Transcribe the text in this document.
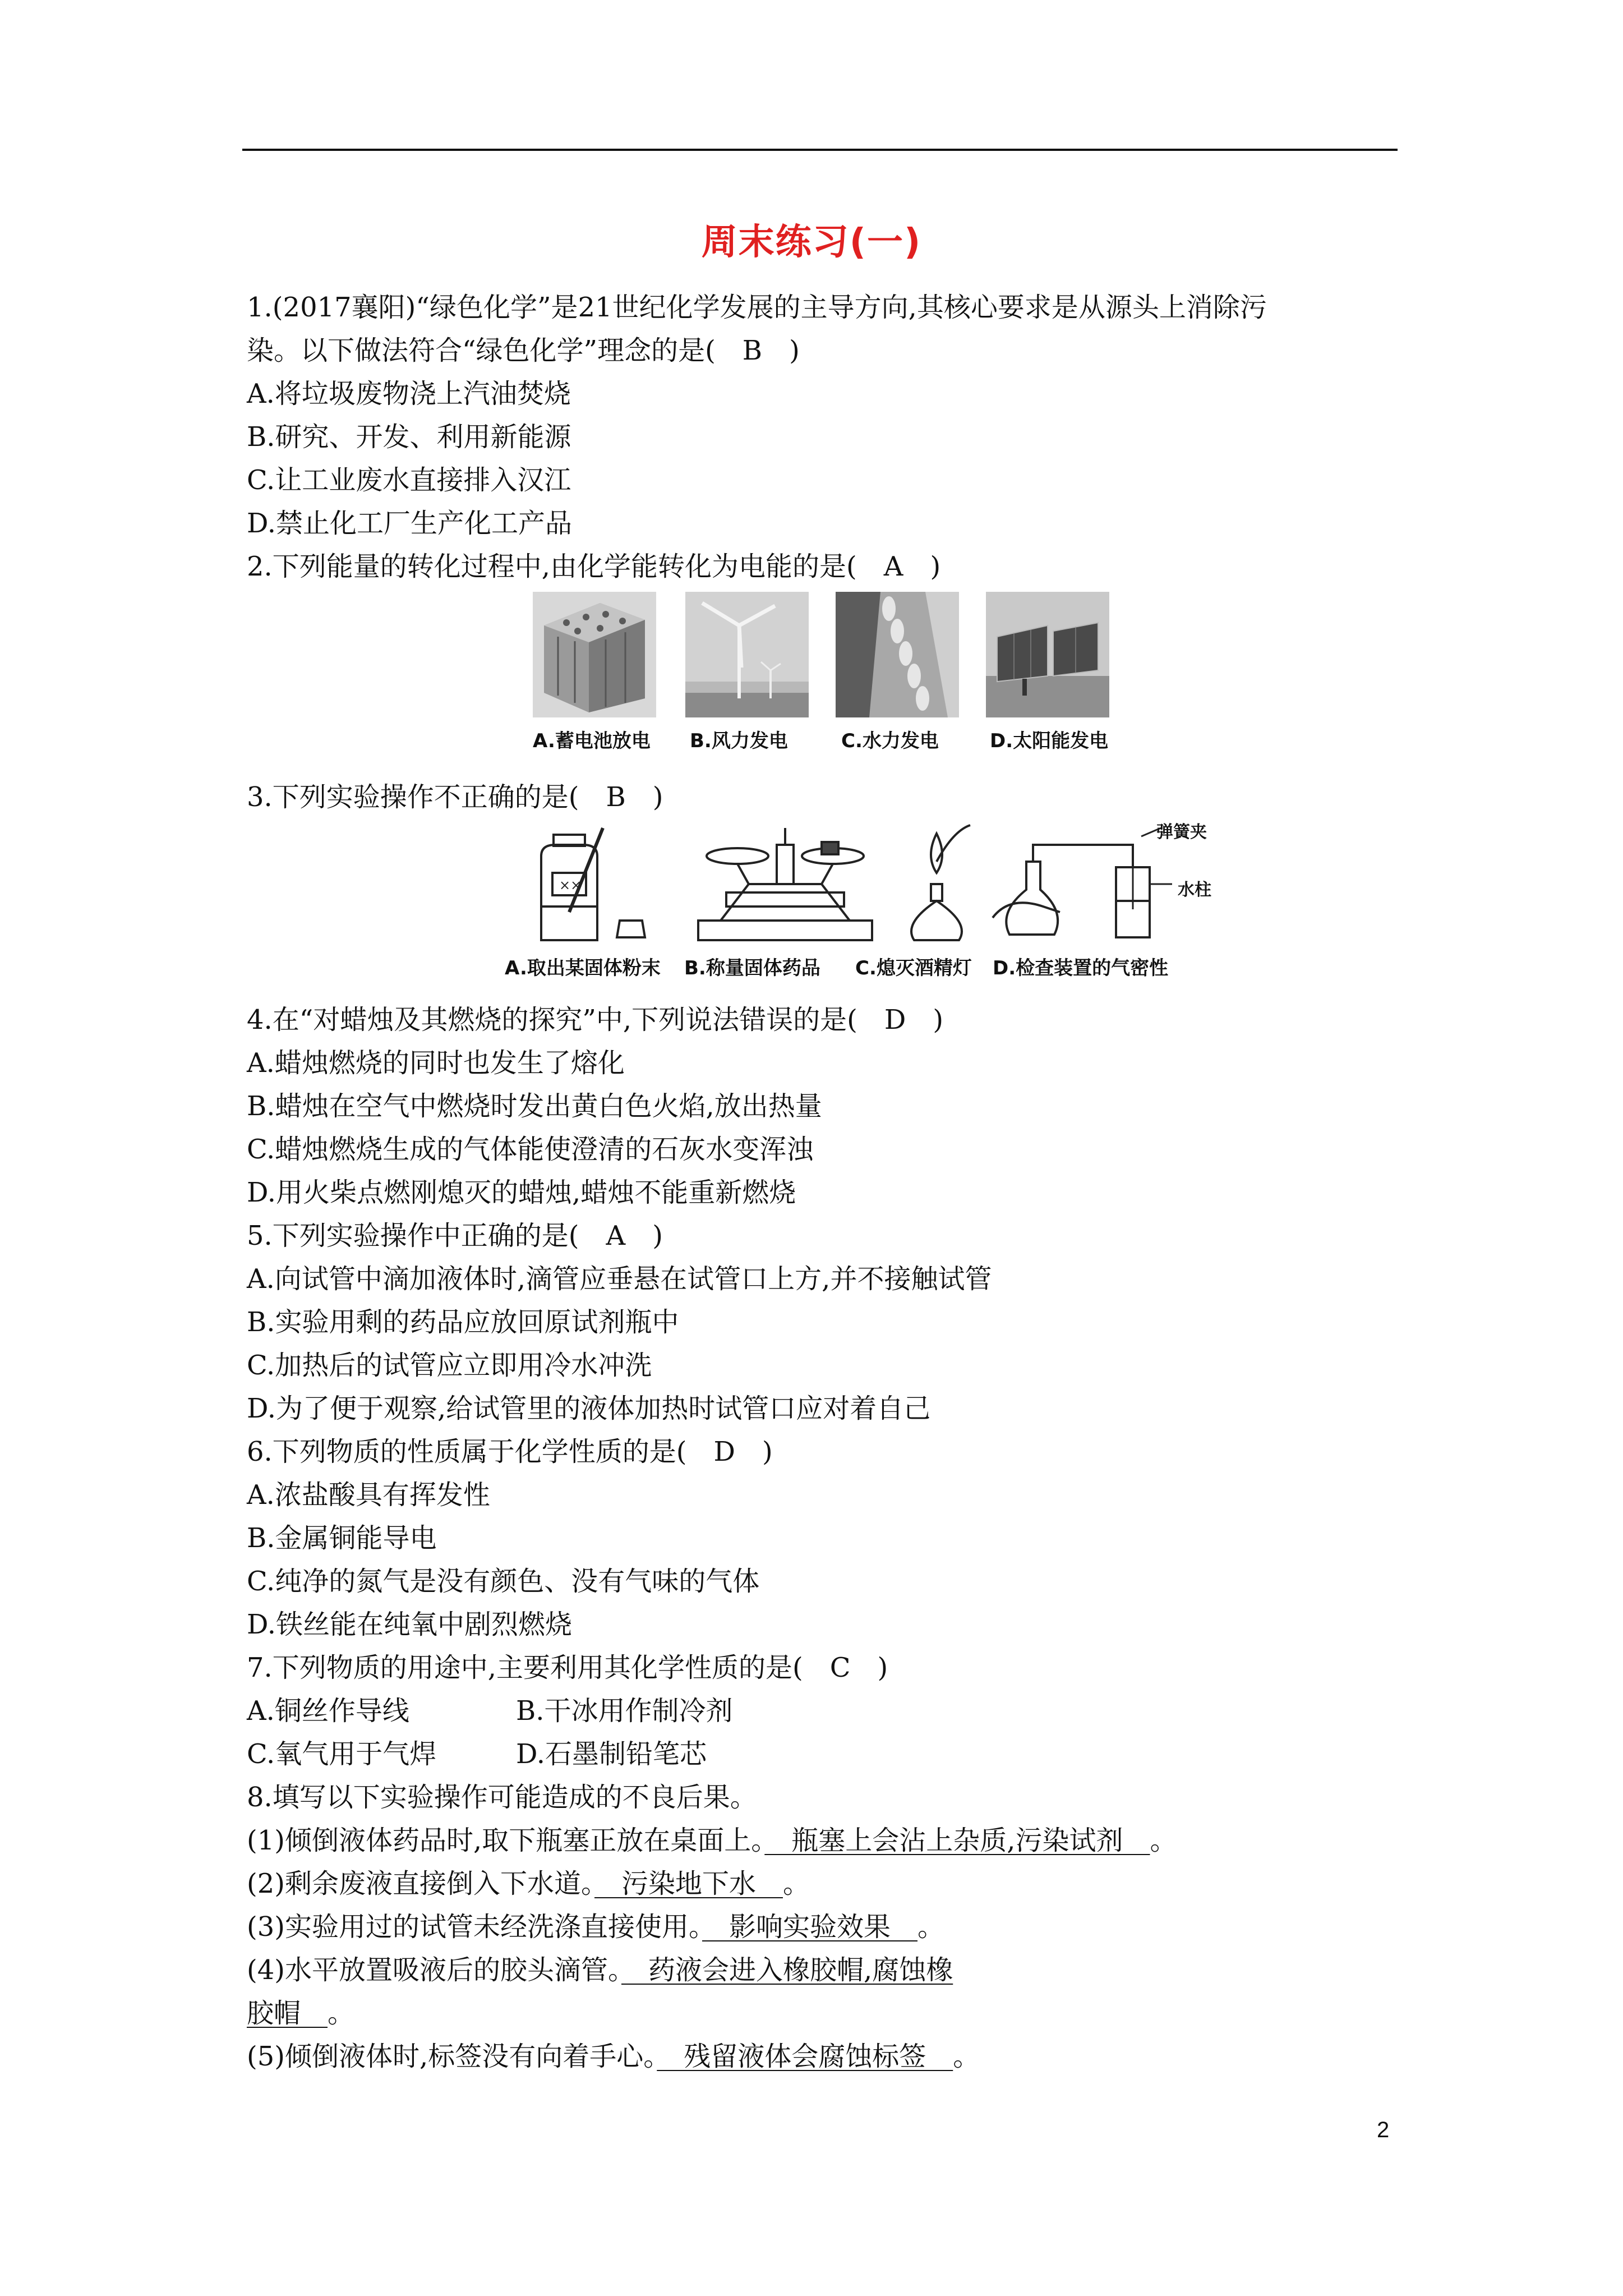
周末练习(一)
1.(2017襄阳)“绿色化学”是21世纪化学发展的主导方向,其核心要求是从源头上消除污
染。以下做法符合“绿色化学”理念的是(　B　)
A.将垃圾废物浇上汽油焚烧
B.研究、开发、利用新能源
C.让工业废水直接排入汉江
D.禁止化工厂生产化工产品
2.下列能量的转化过程中,由化学能转化为电能的是(　A　)
A.蓄电池放电 B.风力发电	C.水力发电	D.太阳能发电
3.下列实验操作不正确的是(　B　)
××
弹簧夹
水柱
A.取出某固体粉末 B.称量固体药品 C.熄灭酒精灯 D.检查装置的气密性
4.在“对蜡烛及其燃烧的探究”中,下列说法错误的是(　D　)
A.蜡烛燃烧的同时也发生了熔化
B.蜡烛在空气中燃烧时发出黄白色火焰,放出热量
C.蜡烛燃烧生成的气体能使澄清的石灰水变浑浊
D.用火柴点燃刚熄灭的蜡烛,蜡烛不能重新燃烧
5.下列实验操作中正确的是(　A　)
A.向试管中滴加液体时,滴管应垂悬在试管口上方,并不接触试管
B.实验用剩的药品应放回原试剂瓶中
C.加热后的试管应立即用冷水冲洗
D.为了便于观察,给试管里的液体加热时试管口应对着自己
6.下列物质的性质属于化学性质的是(　D　)
A.浓盐酸具有挥发性
B.金属铜能导电
C.纯净的氮气是没有颜色、没有气味的气体
D.铁丝能在纯氧中剧烈燃烧
7.下列物质的用途中,主要利用其化学性质的是(　C　)
A.铜丝作导线	B.干冰用作制冷剂
C.氧气用于气焊	D.石墨制铅笔芯
8.填写以下实验操作可能造成的不良后果。
(1)倾倒液体药品时,取下瓶塞正放在桌面上。　瓶塞上会沾上杂质,污染试剂　。
(2)剩余废液直接倒入下水道。　污染地下水　。
(3)实验用过的试管未经洗涤直接使用。　影响实验效果　。
(4)水平放置吸液后的胶头滴管。　药液会进入橡胶帽,腐蚀橡
胶帽　。
(5)倾倒液体时,标签没有向着手心。　残留液体会腐蚀标签　。
2
